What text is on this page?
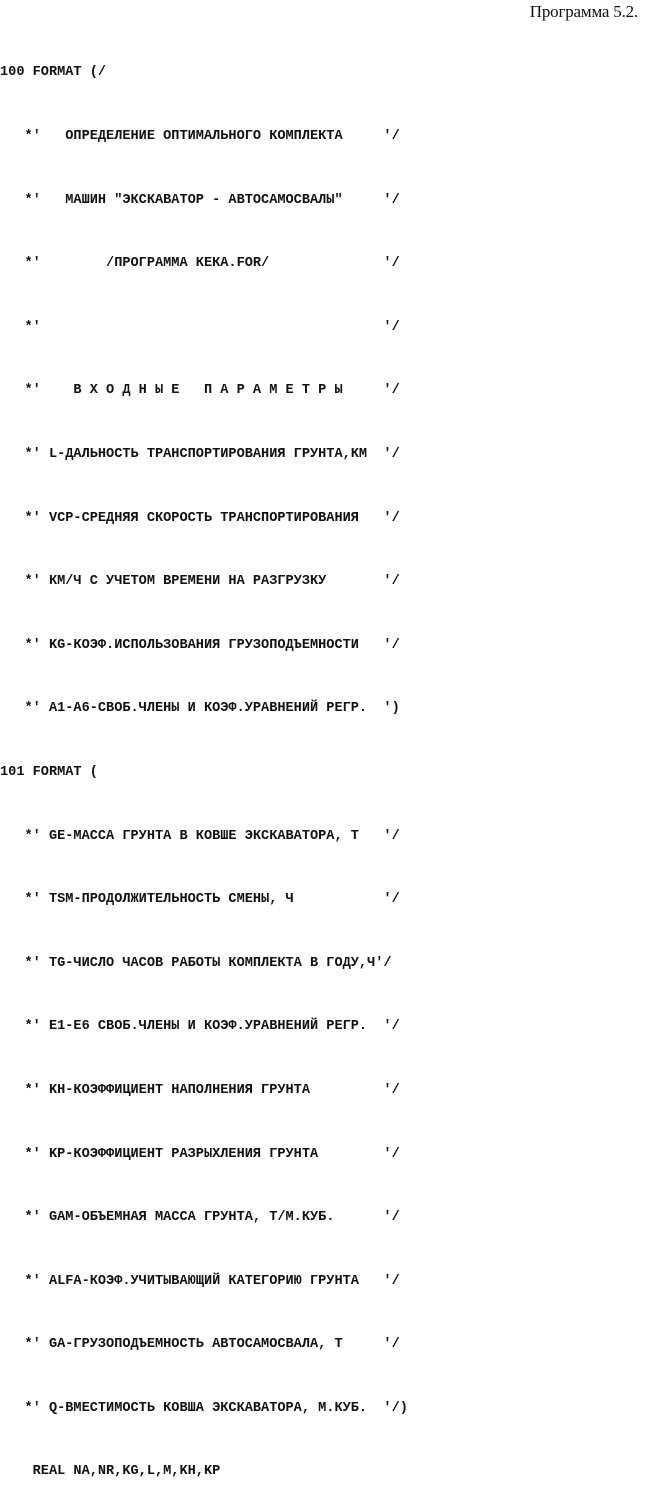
Программа 5.2.

100 FORMAT (/

*'   ОПРЕДЕЛЕНИЕ ОПТИМАЛЬНОГО КОМПЛЕКТА     '/

*'   МАШИН "ЭКСКАВАТОР - АВТОСАМОСВАЛЫ"     '/

*'        /ПРОГРАММА КЕКА.FOR/              '/

*'                                          '/

*'    В Х О Д Н Ы Е   П А Р А М Е Т Р Ы     '/

*' L-ДАЛЬНОСТЬ ТРАНСПОРТИРОВАНИЯ ГРУНТА,КМ  '/

*' VCP-СРЕДНЯЯ СКОРОСТЬ ТРАНСПОРТИРОВАНИЯ   '/

*' КМ/Ч С УЧЕТОМ ВРЕМЕНИ НА РАЗГРУЗКУ       '/

*' KG-КОЭФ.ИСПОЛЬЗОВАНИЯ ГРУЗОПОДЪЕМНОСТИ   '/

*' A1-A6-СВОБ.ЧЛЕНЫ И КОЭФ.УРАВНЕНИЙ РЕГР.  ')

101 FORMAT (

*' GE-МАССА ГРУНТА В КОВШЕ ЭКСКАВАТОРА, Т   '/

*' TSM-ПРОДОЛЖИТЕЛЬНОСТЬ СМЕНЫ, Ч           '/

*' TG-ЧИСЛО ЧАСОВ РАБОТЫ КОМПЛЕКТА В ГОДУ,Ч'/

*' E1-E6 СВОБ.ЧЛЕНЫ И КОЭФ.УРАВНЕНИЙ РЕГР.  '/

*' KH-КОЭФФИЦИЕНТ НАПОЛНЕНИЯ ГРУНТА         '/

*' KP-КОЭФФИЦИЕНТ РАЗРЫХЛЕНИЯ ГРУНТА        '/

*' GAM-ОБЪЕМНАЯ МАССА ГРУНТА, Т/М.КУБ.      '/

*' ALFA-КОЭФ.УЧИТЫВАЮЩИЙ КАТЕГОРИЮ ГРУНТА   '/

*' GA-ГРУЗОПОДЪЕМНОСТЬ АВТОСАМОСВАЛА, Т     '/

*' Q-ВМЕСТИМОСТЬ КОВША ЭКСКАВАТОРА, М.КУБ.  '/)

REAL NA,NR,KG,L,M,KH,KP
